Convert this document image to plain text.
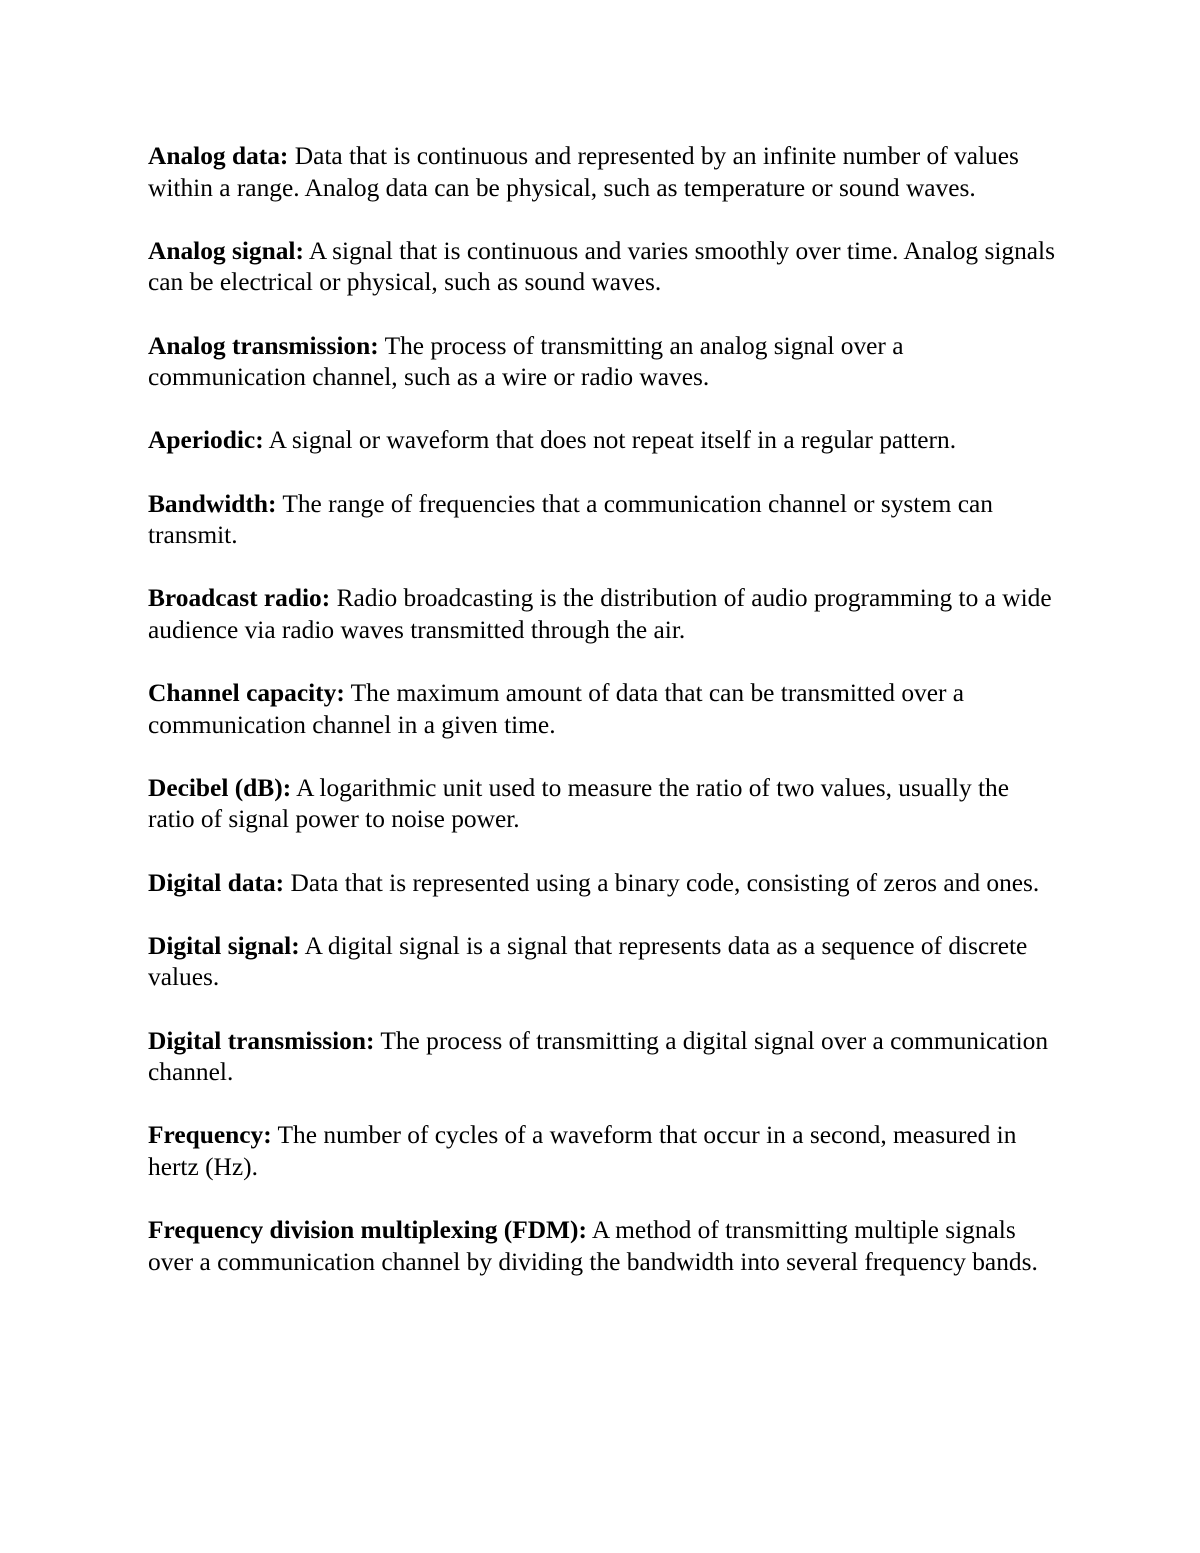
Analog data: Data that is continuous and represented by an infinite number of values within a range. Analog data can be physical, such as temperature or sound waves.

Analog signal: A signal that is continuous and varies smoothly over time. Analog signals can be electrical or physical, such as sound waves.

Analog transmission: The process of transmitting an analog signal over a communication channel, such as a wire or radio waves.

Aperiodic: A signal or waveform that does not repeat itself in a regular pattern.

Bandwidth: The range of frequencies that a communication channel or system can transmit.

Broadcast radio: Radio broadcasting is the distribution of audio programming to a wide audience via radio waves transmitted through the air.

Channel capacity: The maximum amount of data that can be transmitted over a communication channel in a given time.

Decibel (dB): A logarithmic unit used to measure the ratio of two values, usually the ratio of signal power to noise power.

Digital data: Data that is represented using a binary code, consisting of zeros and ones.

Digital signal: A digital signal is a signal that represents data as a sequence of discrete values.

Digital transmission: The process of transmitting a digital signal over a communication channel.

Frequency: The number of cycles of a waveform that occur in a second, measured in hertz (Hz).

Frequency division multiplexing (FDM): A method of transmitting multiple signals over a communication channel by dividing the bandwidth into several frequency bands.
